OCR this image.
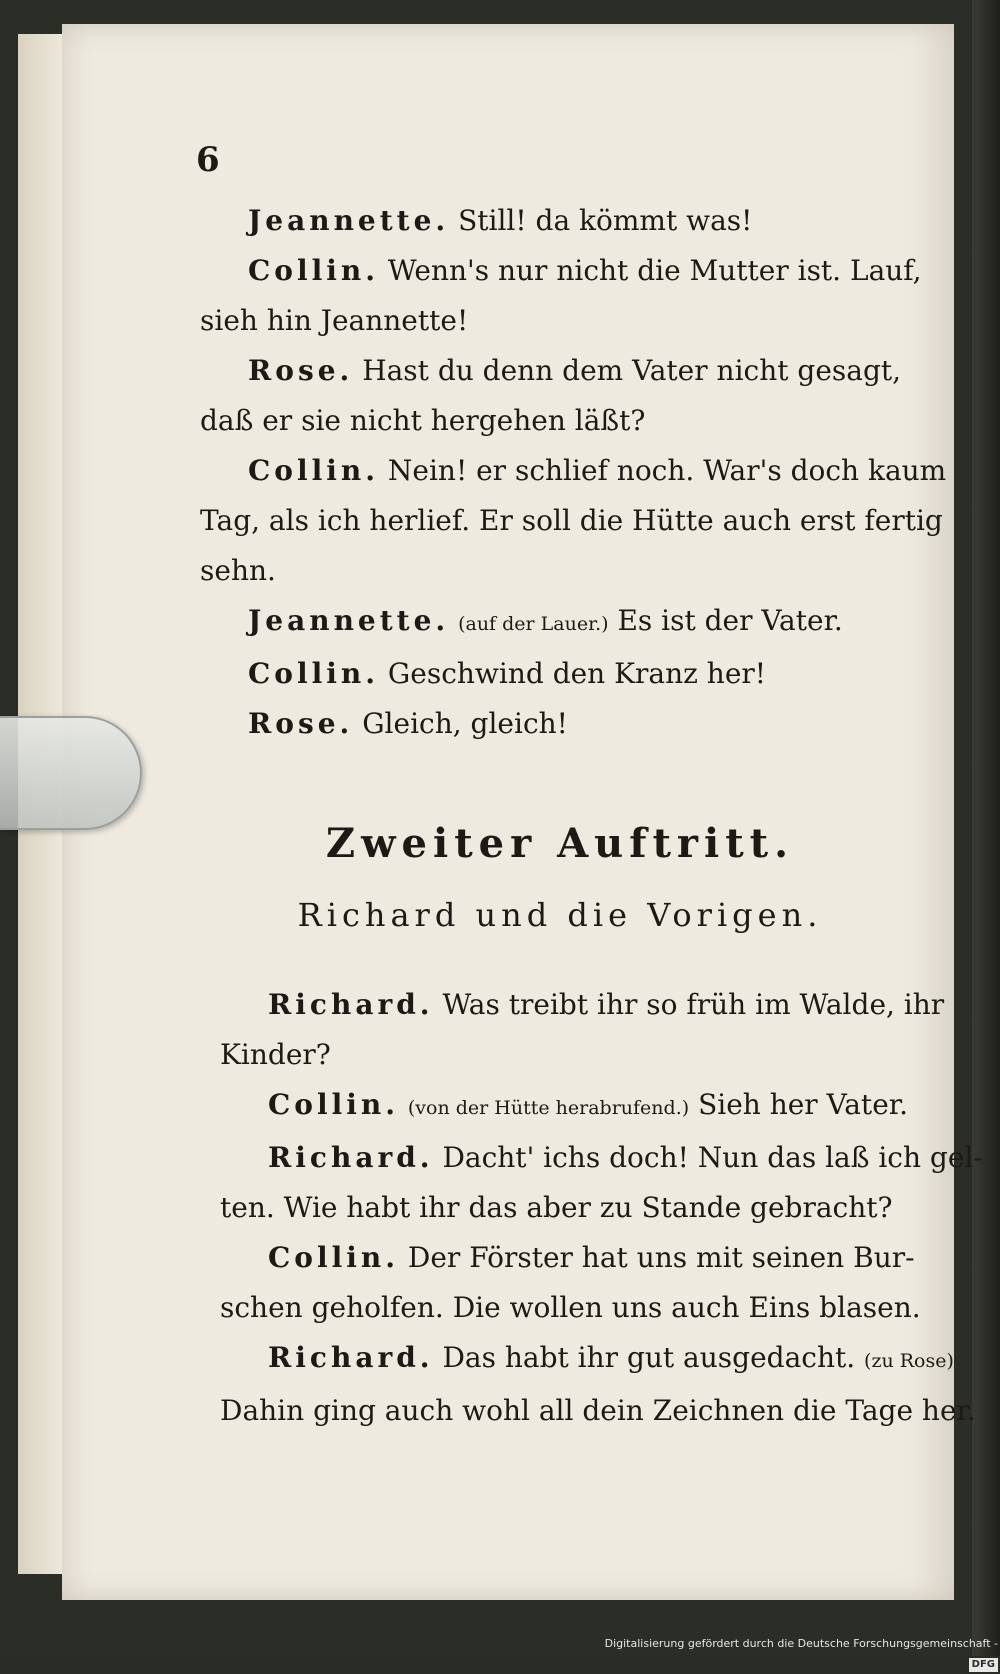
6
Jeannette. Still! da kömmt was!
Collin. Wenn's nur nicht die Mutter ist. Lauf,
sieh hin Jeannette!
Rose. Hast du denn dem Vater nicht gesagt,
daß er sie nicht hergehen läßt?
Collin. Nein! er schlief noch. War's doch kaum
Tag, als ich herlief. Er soll die Hütte auch erst fertig
sehn.
Jeannette. (auf der Lauer.) Es ist der Vater.
Collin. Geschwind den Kranz her!
Rose. Gleich, gleich!
Zweiter Auftritt.
Richard und die Vorigen.
Richard. Was treibt ihr so früh im Walde, ihr
Kinder?
Collin. (von der Hütte herabrufend.) Sieh her Vater.
Richard. Dacht' ichs doch! Nun das laß ich gel-
ten. Wie habt ihr das aber zu Stande gebracht?
Collin. Der Förster hat uns mit seinen Bur-
schen geholfen. Die wollen uns auch Eins blasen.
Richard. Das habt ihr gut ausgedacht. (zu Rose)
Dahin ging auch wohl all dein Zeichnen die Tage her.
Digitalisierung gefördert durch die Deutsche Forschungsgemeinschaft - DFG
